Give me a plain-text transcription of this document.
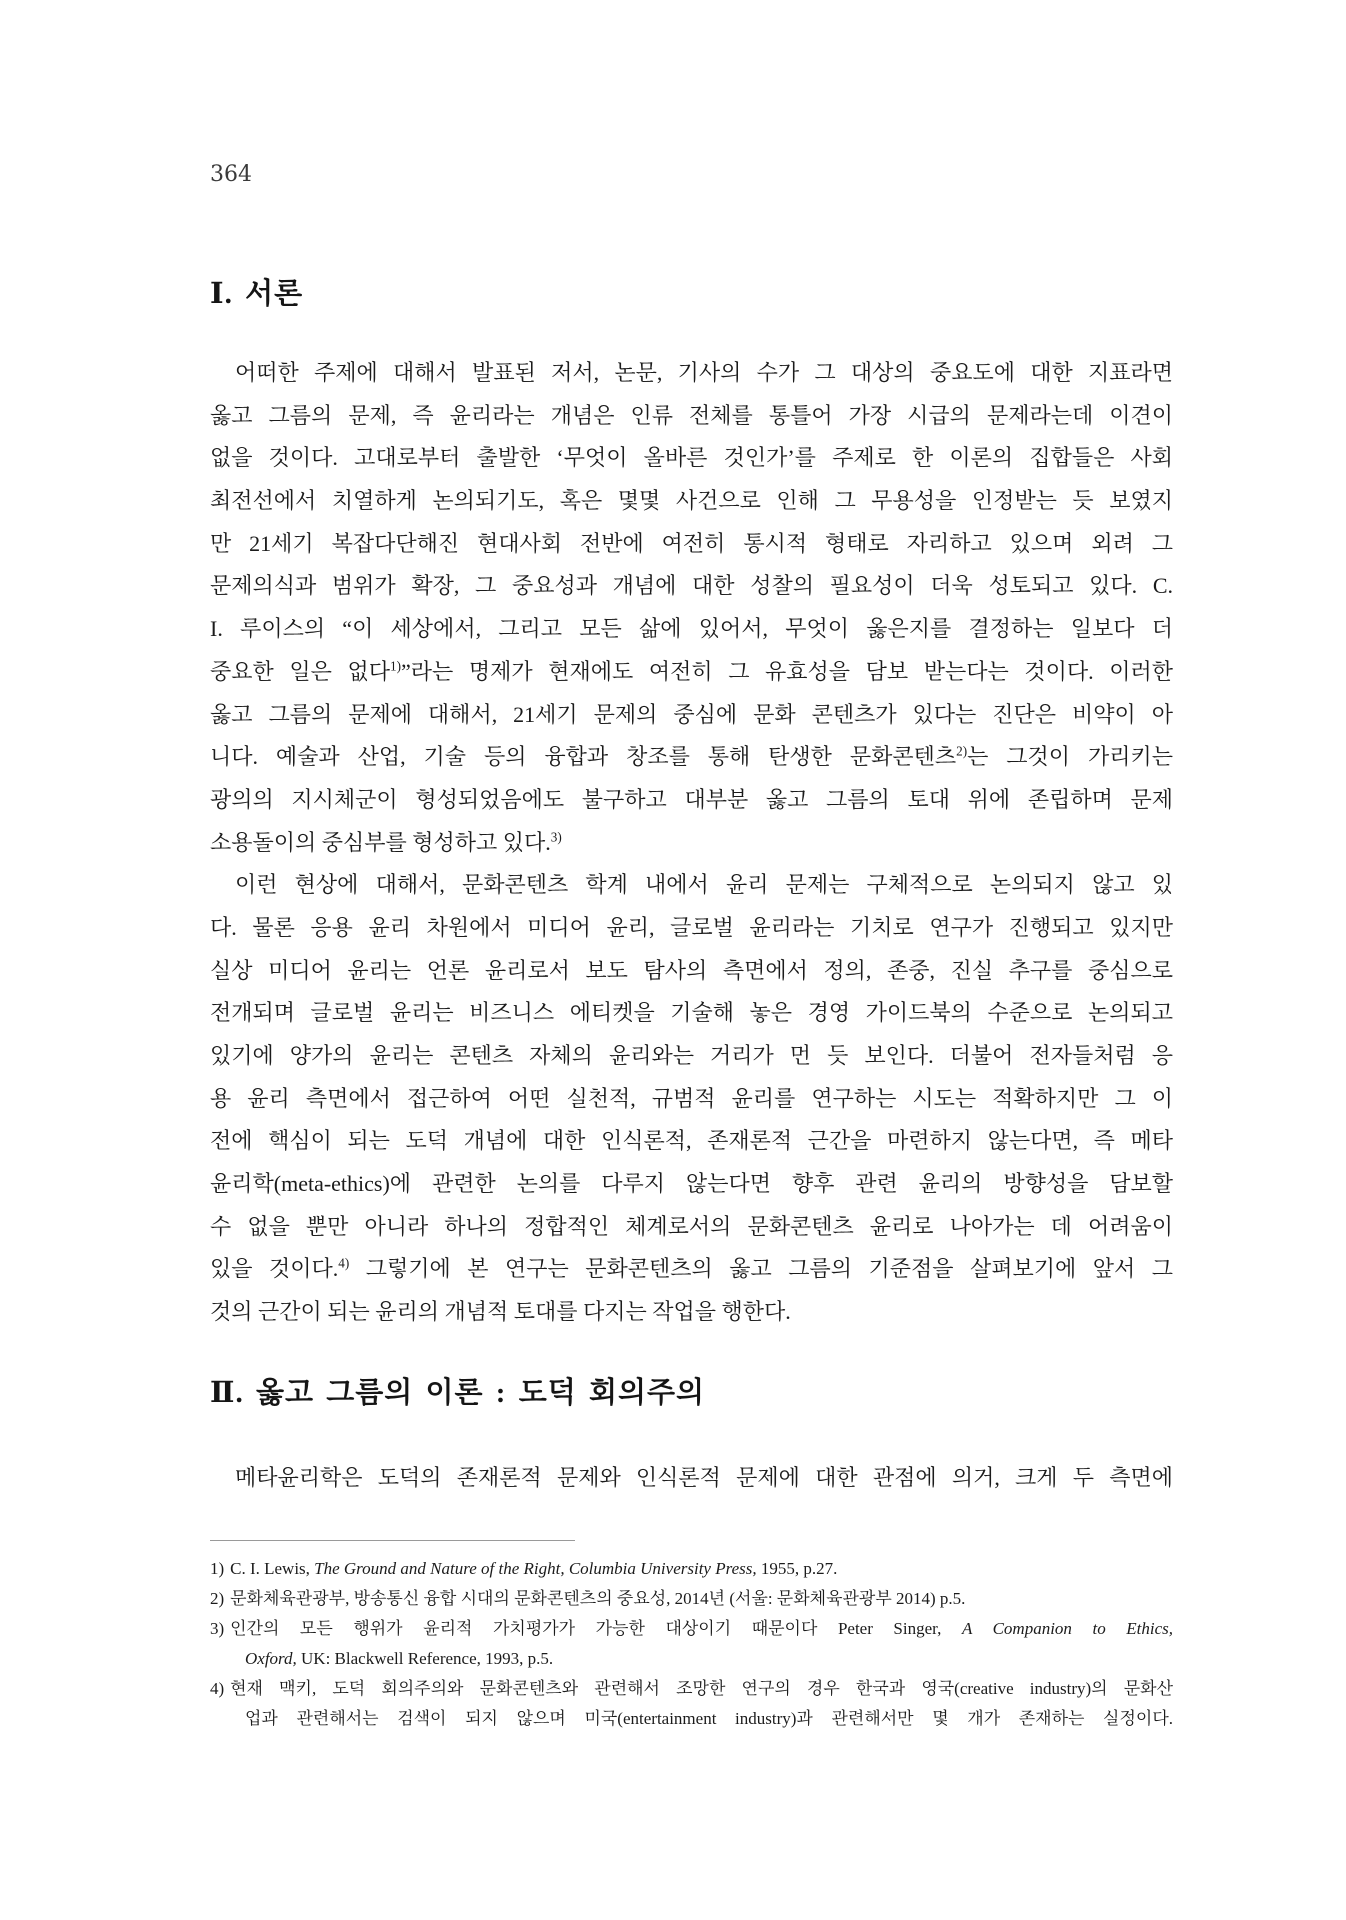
364
Ⅰ. 서론
어떠한 주제에 대해서 발표된 저서, 논문, 기사의 수가 그 대상의 중요도에 대한 지표라면
옳고 그름의 문제, 즉 윤리라는 개념은 인류 전체를 통틀어 가장 시급의 문제라는데 이견이
없을 것이다. 고대로부터 출발한 ‘무엇이 올바른 것인가’를 주제로 한 이론의 집합들은 사회
최전선에서 치열하게 논의되기도, 혹은 몇몇 사건으로 인해 그 무용성을 인정받는 듯 보였지
만 21세기 복잡다단해진 현대사회 전반에 여전히 통시적 형태로 자리하고 있으며 외려 그
문제의식과 범위가 확장, 그 중요성과 개념에 대한 성찰의 필요성이 더욱 성토되고 있다. C.
I. 루이스의 “이 세상에서, 그리고 모든 삶에 있어서, 무엇이 옳은지를 결정하는 일보다 더
중요한 일은 없다$^{1)}$”라는 명제가 현재에도 여전히 그 유효성을 담보 받는다는 것이다. 이러한
옳고 그름의 문제에 대해서, 21세기 문제의 중심에 문화 콘텐츠가 있다는 진단은 비약이 아
니다. 예술과 산업, 기술 등의 융합과 창조를 통해 탄생한 문화콘텐츠$^{2)}$는 그것이 가리키는
광의의 지시체군이 형성되었음에도 불구하고 대부분 옳고 그름의 토대 위에 존립하며 문제
소용돌이의 중심부를 형성하고 있다.$^{3)}$
이런 현상에 대해서, 문화콘텐츠 학계 내에서 윤리 문제는 구체적으로 논의되지 않고 있
다. 물론 응용 윤리 차원에서 미디어 윤리, 글로벌 윤리라는 기치로 연구가 진행되고 있지만
실상 미디어 윤리는 언론 윤리로서 보도 탐사의 측면에서 정의, 존중, 진실 추구를 중심으로
전개되며 글로벌 윤리는 비즈니스 에티켓을 기술해 놓은 경영 가이드북의 수준으로 논의되고
있기에 양가의 윤리는 콘텐츠 자체의 윤리와는 거리가 먼 듯 보인다. 더불어 전자들처럼 응
용 윤리 측면에서 접근하여 어떤 실천적, 규범적 윤리를 연구하는 시도는 적확하지만 그 이
전에 핵심이 되는 도덕 개념에 대한 인식론적, 존재론적 근간을 마련하지 않는다면, 즉 메타
윤리학(meta-ethics)에 관련한 논의를 다루지 않는다면 향후 관련 윤리의 방향성을 담보할
수 없을 뿐만 아니라 하나의 정합적인 체계로서의 문화콘텐츠 윤리로 나아가는 데 어려움이
있을 것이다.$^{4)}$ 그렇기에 본 연구는 문화콘텐츠의 옳고 그름의 기준점을 살펴보기에 앞서 그
것의 근간이 되는 윤리의 개념적 토대를 다지는 작업을 행한다.
Ⅱ. 옳고 그름의 이론 : 도덕 회의주의
메타윤리학은 도덕의 존재론적 문제와 인식론적 문제에 대한 관점에 의거, 크게 두 측면에
1) C. I. Lewis, The Ground and Nature of the Right, Columbia University Press, 1955, p.27.
2) 문화체육관광부, 방송통신 융합 시대의 문화콘텐츠의 중요성, 2014년 (서울: 문화체육관광부 2014) p.5.
3) 인간의 모든 행위가 윤리적 가치평가가 가능한 대상이기 때문이다 Peter Singer, A Companion to Ethics,
Oxford, UK: Blackwell Reference, 1993, p.5.
4) 현재 맥키, 도덕 회의주의와 문화콘텐츠와 관련해서 조망한 연구의 경우 한국과 영국(creative industry)의 문화산
업과 관련해서는 검색이 되지 않으며 미국(entertainment industry)과 관련해서만 몇 개가 존재하는 실정이다.
